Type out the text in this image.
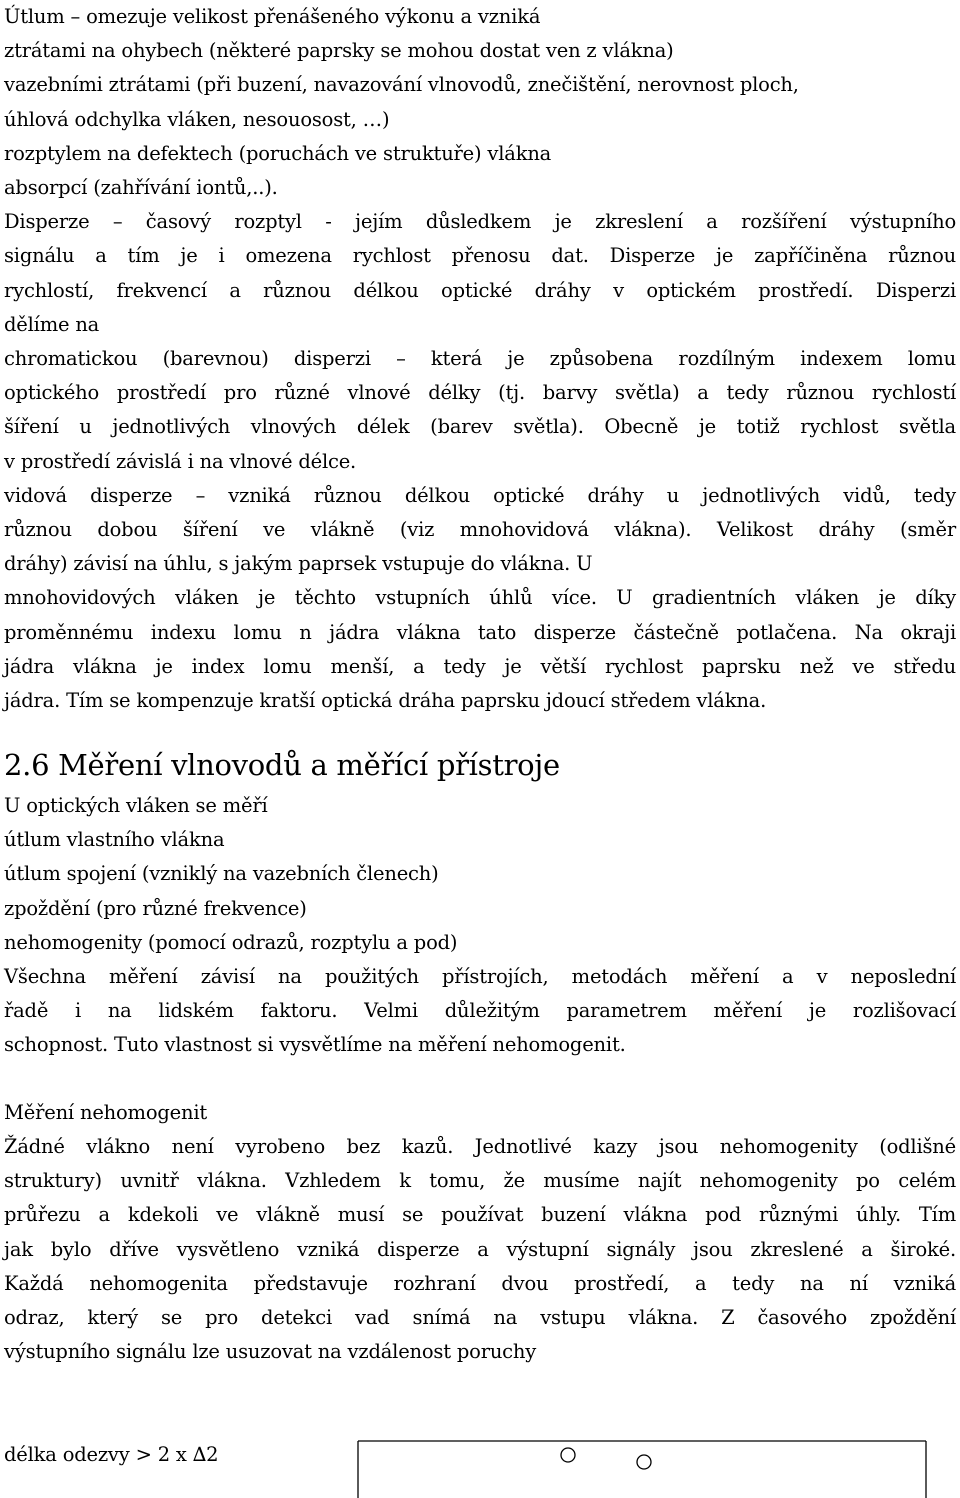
Útlum – omezuje velikost přenášeného výkonu a vzniká
ztrátami na ohybech (některé paprsky se mohou dostat ven z vlákna)
vazebními ztrátami (při buzení, navazování vlnovodů, znečištění, nerovnost ploch,
úhlová odchylka vláken, nesouosost, …)
rozptylem na defektech (poruchách ve struktuře) vlákna
absorpcí (zahřívání iontů,..).
Disperze – časový rozptyl - jejím důsledkem je zkreslení a rozšíření výstupního
signálu a tím je i omezena rychlost přenosu dat. Disperze je zapříčiněna různou
rychlostí, frekvencí a různou délkou optické dráhy v optickém prostředí. Disperzi
dělíme na
chromatickou (barevnou) disperzi – která je způsobena rozdílným indexem lomu
optického prostředí pro různé vlnové délky (tj. barvy světla) a tedy různou rychlostí
šíření u jednotlivých vlnových délek (barev světla). Obecně je totiž rychlost světla
v prostředí závislá i na vlnové délce.
vidová disperze – vzniká různou délkou optické dráhy u jednotlivých vidů, tedy
různou dobou šíření ve vlákně (viz mnohovidová vlákna). Velikost dráhy (směr
dráhy) závisí na úhlu, s jakým paprsek vstupuje do vlákna. U
mnohovidových vláken je těchto vstupních úhlů více. U gradientních vláken je díky
proměnnému indexu lomu n jádra vlákna tato disperze částečně potlačena. Na okraji
jádra vlákna je index lomu menší, a tedy je větší rychlost paprsku než ve středu
jádra. Tím se kompenzuje kratší optická dráha paprsku jdoucí středem vlákna.
2.6 Měření vlnovodů a měřící přístroje
U optických vláken se měří
útlum vlastního vlákna
útlum spojení (vzniklý na vazebních členech)
zpoždění (pro různé frekvence)
nehomogenity (pomocí odrazů, rozptylu a pod)
Všechna měření závisí na použitých přístrojích, metodách měření a v neposlední
řadě i na lidském faktoru. Velmi důležitým parametrem měření je rozlišovací
schopnost. Tuto vlastnost si vysvětlíme na měření nehomogenit.
Měření nehomogenit
Žádné vlákno není vyrobeno bez kazů. Jednotlivé kazy jsou nehomogenity (odlišné
struktury) uvnitř vlákna. Vzhledem k tomu, že musíme najít nehomogenity po celém
průřezu a kdekoli ve vlákně musí se používat buzení vlákna pod různými úhly. Tím
jak bylo dříve vysvětleno vzniká disperze a výstupní signály jsou zkreslené a široké.
Každá nehomogenita představuje rozhraní dvou prostředí, a tedy na ní vzniká
odraz, který se pro detekci vad snímá na vstupu vlákna. Z časového zpoždění
výstupního signálu lze usuzovat na vzdálenost poruchy
délka odezvy > 2 x ∆2
